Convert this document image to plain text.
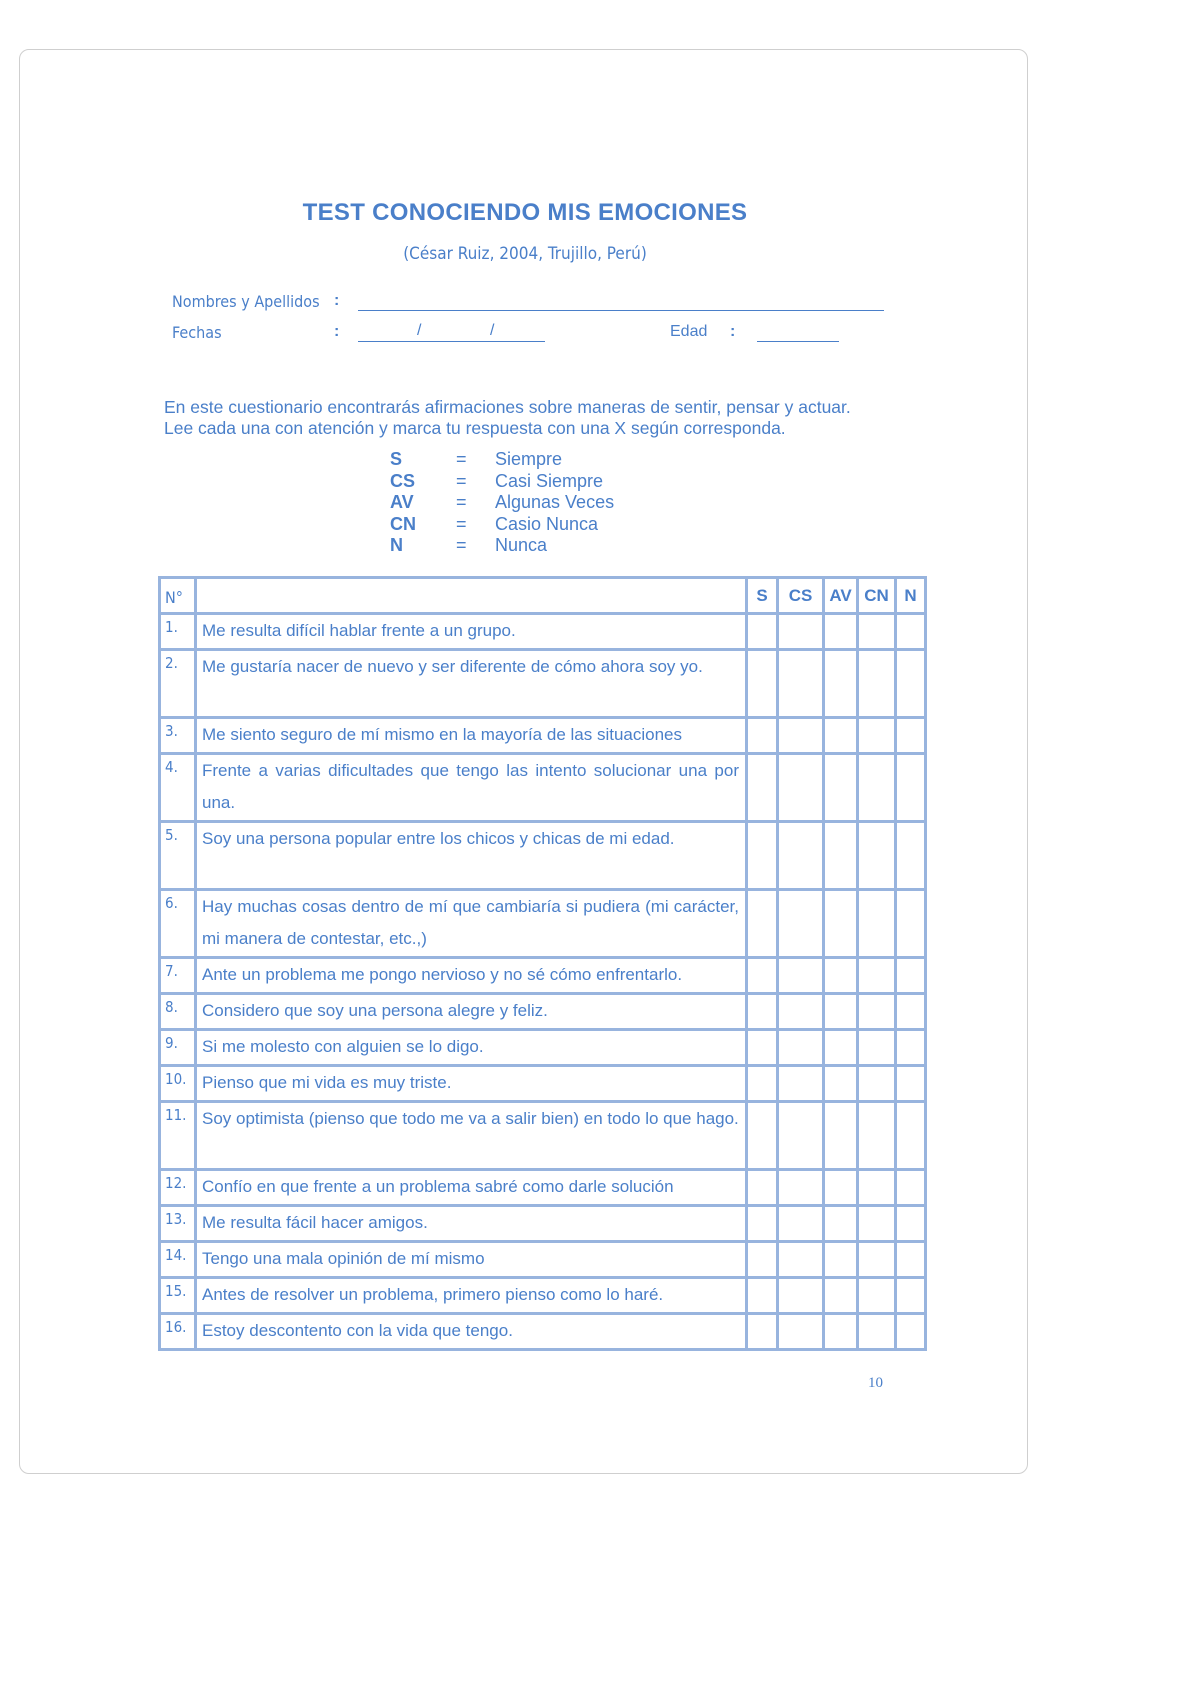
TEST CONOCIENDO MIS EMOCIONES
(César Ruiz, 2004, Trujillo, Perú)
Nombres y Apellidos :
Fechas	:	/	/	Edad :
En este cuestionario encontrarás afirmaciones sobre maneras de sentir, pensar y actuar.
Lee cada una con atención y marca tu respuesta con una X según corresponda.
S	= Siempre
CS = Casi Siempre
AV = Algunas Veces
CN = Casio Nunca
N	= Nunca
N°		S	CS	AV	CN	N
1.	Me resulta difícil hablar frente a un grupo.					
2.	Me gustaría nacer de nuevo y ser diferente de cómo ahora soy yo.					
3.	Me siento seguro de mí mismo en la mayoría de las situaciones					
4.	Frente a varias dificultades que tengo las intento solucionar una por una.					
5.	Soy una persona popular entre los chicos y chicas de mi edad.					
6.	Hay muchas cosas dentro de mí que cambiaría si pudiera (mi carácter, mi manera de contestar, etc.,)					
7.	Ante un problema me pongo nervioso y no sé cómo enfrentarlo.					
8.	Considero que soy una persona alegre y feliz.					
9.	Si me molesto con alguien se lo digo.					
10.	Pienso que mi vida es muy triste.					
11.	Soy optimista (pienso que todo me va a salir bien) en todo lo que hago.					
12.	Confío en que frente a un problema sabré como darle solución					
13.	Me resulta fácil hacer amigos.					
14.	Tengo una mala opinión de mí mismo					
15.	Antes de resolver un problema, primero pienso como lo haré.					
16.	Estoy descontento con la vida que tengo.					
10
